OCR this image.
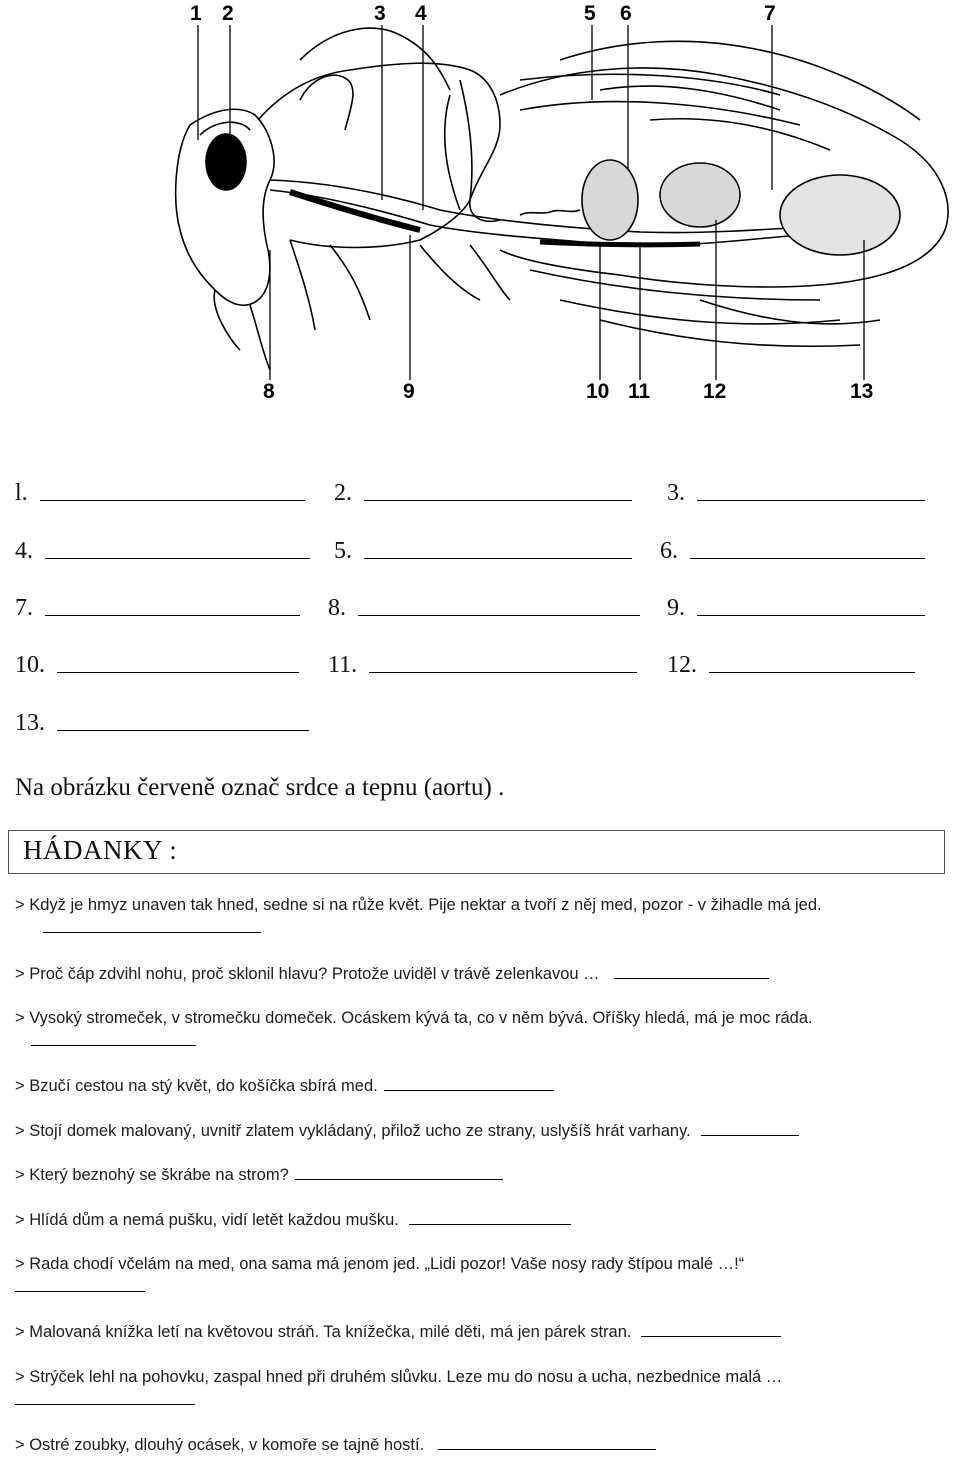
1 2	3 4	5 6	7
8	9	10 11	12	13
l.	2.	3.
4.	5.	6.
7.	8.	9.
10.	11.	12.
13.
Na obrázku červeně označ srdce a tepnu (aortu) .
HÁDANKY :
> Když je hmyz unaven tak hned, sedne si na růže květ. Pije nektar a tvoří z něj med, pozor - v žihadle má jed.
> Proč čáp zdvihl nohu, proč sklonil hlavu? Protože uviděl v trávě zelenkavou …
> Vysoký stromeček, v stromečku domeček. Ocáskem kývá ta, co v něm bývá. Oříšky hledá, má je moc ráda.
> Bzučí cestou na stý květ, do košíčka sbírá med.
> Stojí domek malovaný, uvnitř zlatem vykládaný, přilož ucho ze strany, uslyšíš hrát varhany.
> Který beznohý se škrábe na strom?
> Hlídá dům a nemá pušku, vidí letět každou mušku.
> Rada chodí včelám na med, ona sama má jenom jed. „Lidi pozor! Vaše nosy rady štípou malé …!“

> Malovaná knížka letí na květovou stráň. Ta knížečka, milé děti, má jen párek stran.
> Strýček lehl na pohovku, zaspal hned při druhém slůvku. Leze mu do nosu a ucha, nezbednice malá …

> Ostré zoubky, dlouhý ocásek, v komoře se tajně hostí.
